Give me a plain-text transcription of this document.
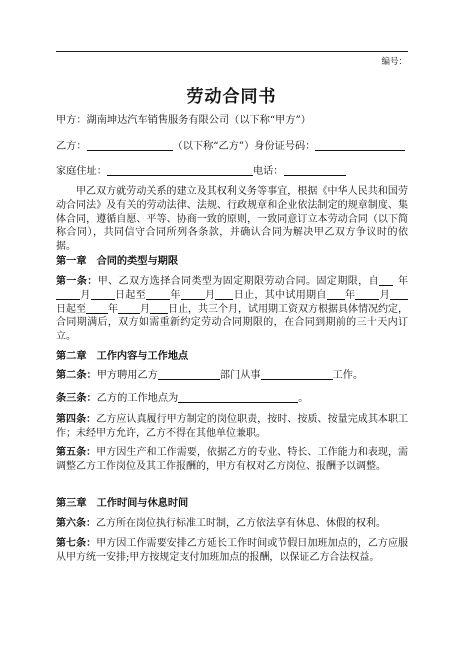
编号：
劳动合同书
甲方：湖南坤达汽车销售服务有限公司（以下称“甲方”）
乙方：	（以下称“乙方”）身份证号码：
家庭住址：	电话：
甲乙双方就劳动关系的建立及其权利义务等事宜，根据《中华人民共和国劳动合同法》及有关的劳动法律、法规、行政规章和企业依法制定的规章制度、集体合同，遵循自愿、平等、协商一致的原则，一致同意订立本劳动合同（以下简称合同），共同信守合同所列各条款，并确认合同为解决甲乙双方争议时的依据。
第一章 合同的类型与期限
第一条：甲、乙双方选择合同类型为固定期限劳动合同。固定期限，自 年月 日起至 年 月 日止，其中试用期自 年 月日起至 年 月 日止，共三个月，试用期工资双方根据具体情况约定，合同期满后，双方如需重新约定劳动合同期限的，在合同到期前的三十天内订立。
第二章 工作内容与工作地点
第二条：甲方聘用乙方	部门从事	工作。
条三条：乙方的工作地点为	。
第四条：乙方应认真履行甲方制定的岗位职责，按时、按质、按量完成其本职工作；未经甲方允许，乙方不得在其他单位兼职。
第五条：甲方因生产和工作需要，依据乙方的专业、特长、工作能力和表现，需调整乙方工作岗位及其工作报酬的，甲方有权对乙方岗位、报酬予以调整。
第三章 工作时间与休息时间
第六条：乙方所在岗位执行标准工时制，乙方依法享有休息、休假的权利。
第七条：甲方因工作需要安排乙方延长工作时间或节假日加班加点的，乙方应服从甲方统一安排;甲方按规定支付加班加点的报酬，以保证乙方合法权益。
